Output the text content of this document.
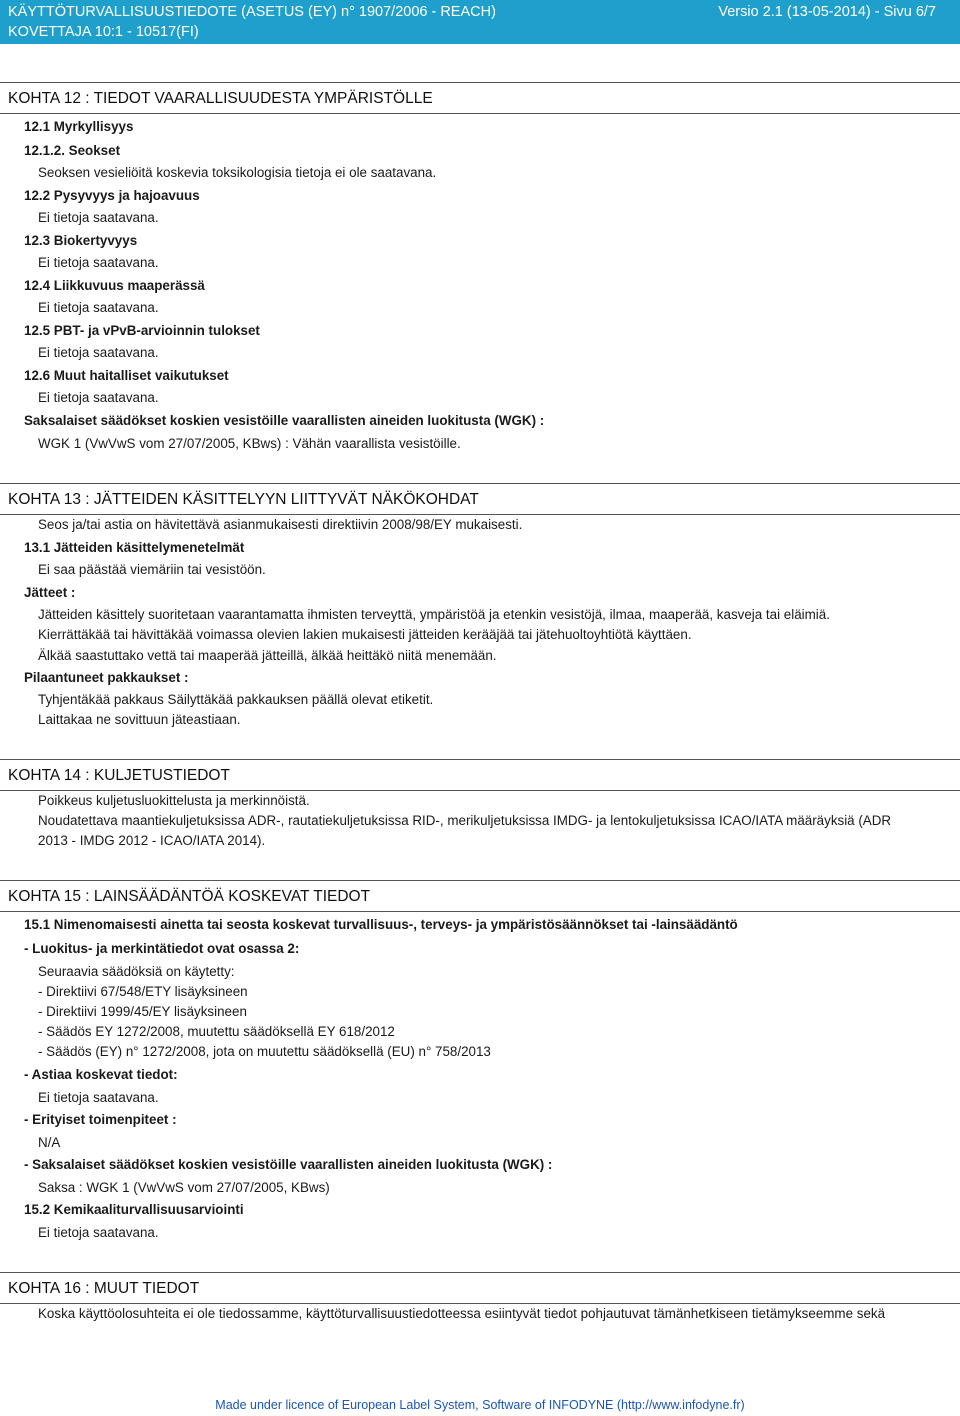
KÄYTTÖTURVALLISUUSTIEDOTE (ASETUS (EY) n° 1907/2006 - REACH)	Versio 2.1 (13-05-2014) - Sivu 6/7
KOVETTAJA 10:1 - 10517(FI)
KOHTA 12 : TIEDOT VAARALLISUUDESTA YMPÄRISTÖLLE
12.1 Myrkyllisyys
12.1.2. Seokset
Seoksen vesieliöitä koskevia toksikologisia tietoja ei ole saatavana.
12.2 Pysyvyys ja hajoavuus
Ei tietoja saatavana.
12.3 Biokertyvyys
Ei tietoja saatavana.
12.4 Liikkuvuus maaperässä
Ei tietoja saatavana.
12.5 PBT- ja vPvB-arvioinnin tulokset
Ei tietoja saatavana.
12.6 Muut haitalliset vaikutukset
Ei tietoja saatavana.
Saksalaiset säädökset koskien vesistöille vaarallisten aineiden luokitusta (WGK) :
WGK 1 (VwVwS vom 27/07/2005, KBws) : Vähän vaarallista vesistöille.
KOHTA 13 : JÄTTEIDEN KÄSITTELYYN LIITTYVÄT NÄKÖKOHDAT
Seos ja/tai astia on hävitettävä asianmukaisesti direktiivin 2008/98/EY mukaisesti.
13.1 Jätteiden käsittelymenetelmät
Ei saa päästää viemäriin tai vesistöön.
Jätteet :
Jätteiden käsittely suoritetaan vaarantamatta ihmisten terveyttä, ympäristöä ja etenkin vesistöjä, ilmaa, maaperää, kasveja tai eläimiä.
Kierrättäkää tai hävittäkää voimassa olevien lakien mukaisesti jätteiden kerääjää tai jätehuoltoyhtiötä käyttäen.
Älkää saastuttako vettä tai maaperää jätteillä, älkää heittäkö niitä menemään.
Pilaantuneet pakkaukset :
Tyhjentäkää pakkaus Säilyttäkää pakkauksen päällä olevat etiketit.
Laittakaa ne sovittuun jäteastiaan.
KOHTA 14 : KULJETUSTIEDOT
Poikkeus kuljetusluokittelusta ja merkinnöistä.
Noudatettava maantiekuljetuksissa ADR-, rautatiekuljetuksissa RID-, merikuljetuksissa IMDG- ja lentokuljetuksissa ICAO/IATA määräyksiä (ADR
2013 - IMDG 2012 - ICAO/IATA 2014).
KOHTA 15 : LAINSÄÄDÄNTÖÄ KOSKEVAT TIEDOT
15.1 Nimenomaisesti ainetta tai seosta koskevat turvallisuus-, terveys- ja ympäristösäännökset tai -lainsäädäntö
- Luokitus- ja merkintätiedot ovat osassa 2:
Seuraavia säädöksiä on käytetty:
- Direktiivi 67/548/ETY lisäyksineen
- Direktiivi 1999/45/EY lisäyksineen
- Säädös EY 1272/2008, muutettu säädöksellä EY 618/2012
- Säädös (EY) n° 1272/2008, jota on muutettu säädöksellä (EU) n° 758/2013
- Astiaa koskevat tiedot:
Ei tietoja saatavana.
- Erityiset toimenpiteet :
N/A
- Saksalaiset säädökset koskien vesistöille vaarallisten aineiden luokitusta (WGK) :
Saksa : WGK 1 (VwVwS vom 27/07/2005, KBws)
15.2 Kemikaaliturvallisuusarviointi
Ei tietoja saatavana.
KOHTA 16 : MUUT TIEDOT
Koska käyttöolosuhteita ei ole tiedossamme, käyttöturvallisuustiedotteessa esiintyvät tiedot pohjautuvat tämänhetkiseen tietämykseemme sekä
Made under licence of European Label System, Software of INFODYNE (http://www.infodyne.fr)
